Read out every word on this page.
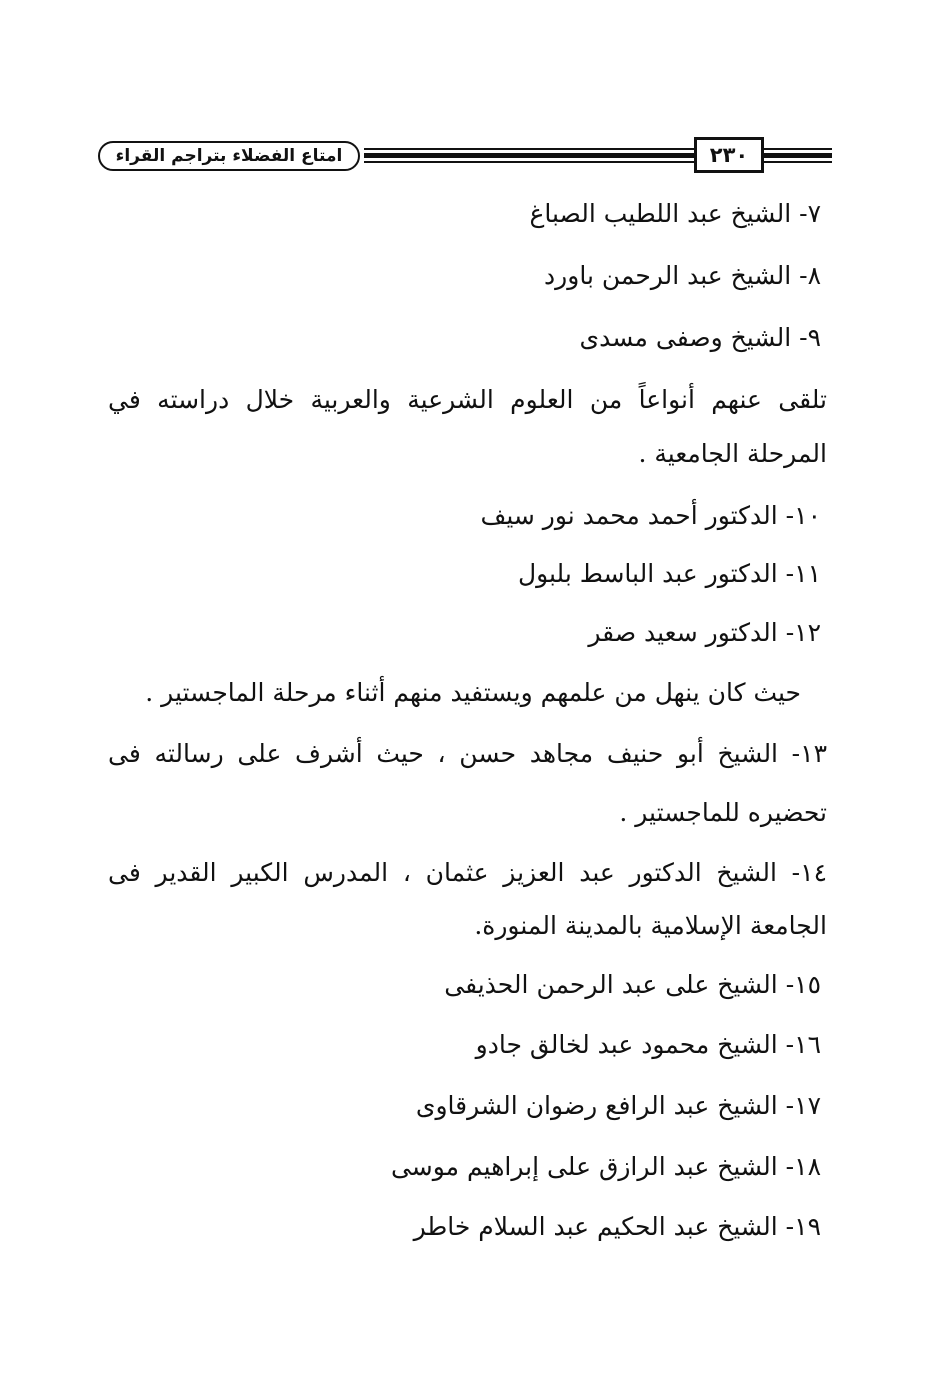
امتاع الفضلاء بتراجم القراء	٢٣٠
٧- الشيخ عبد اللطيب الصباغ
٨- الشيخ عبد الرحمن باورد
٩- الشيخ وصفى مسدى
تلقى عنهم أنواعاً من العلوم الشرعية والعربية خلال دراسته في
المرحلة الجامعية .
١٠- الدكتور أحمد محمد نور سيف
١١- الدكتور عبد الباسط بلبول
١٢- الدكتور سعيد صقر
حيث كان ينهل من علمهم ويستفيد منهم أثناء مرحلة الماجستير .
١٣- الشيخ أبو حنيف مجاهد حسن ، حيث أشرف على رسالته فى
تحضيره للماجستير .
١٤- الشيخ الدكتور عبد العزيز عثمان ، المدرس الكبير القدير فى
الجامعة الإسلامية بالمدينة المنورة.
١٥- الشيخ على عبد الرحمن الحذيفى
١٦- الشيخ محمود عبد لخالق جادو
١٧- الشيخ عبد الرافع رضوان الشرقاوى
١٨- الشيخ عبد الرازق على إبراهيم موسى
١٩- الشيخ عبد الحكيم عبد السلام خاطر
